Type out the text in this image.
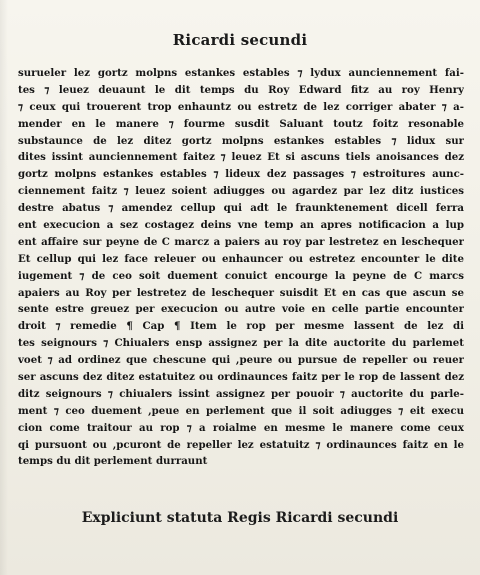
Ricardi secundi
surueler lez gortz molpns estankes estables ⁊ lydux aunciennement fai-
tes ⁊ leuez deuaunt le dit temps du Roy Edward fitz au roy Henry
⁊ ceux qui trouerent trop enhauntz ou estretz de lez corriger abater ⁊ a-
mender en le manere ⁊ fourme susdit Saluant toutz foitz resonable
substaunce de lez ditez gortz molpns estankes estables ⁊ lidux sur
dites issint aunciennement faitez ⁊ leuez Et si ascuns tiels anoisances dez
gortz molpns estankes estables ⁊ lideux dez passages ⁊ estroitures aunc-
ciennement faitz ⁊ leuez soient adiugges ou agardez par lez ditz iustices
destre abatus ⁊ amendez cellup qui adt le fraunktenement dicell ferra
ent execucion a sez costagez deins vne temp an apres notificacion a lup
ent affaire sur peyne de C marcz a paiers au roy par lestretez en leschequer
Et cellup qui lez face releuer ou enhauncer ou estretez encounter le dite
iugement ⁊ de ceo soit duement conuict encourge la peyne de C marcs
apaiers au Roy per lestretez de leschequer suisdit Et en cas que ascun se
sente estre greuez per execucion ou autre voie en celle partie encounter
droit ⁊ remedie ¶ Cap ¶ Item le rop per mesme lassent de lez di
tes seignours ⁊ Chiualers ensp assignez per la dite auctorite du parlemet
voet ⁊ ad ordinez que chescune qui ,peure ou pursue de repeller ou reuer
ser ascuns dez ditez estatuitez ou ordinaunces faitz per le rop de lassent dez
ditz seignours ⁊ chiualers issint assignez per pouoir ⁊ auctorite du parle-
ment ⁊ ceo duement ,peue en perlement que il soit adiugges ⁊ eit execu
cion come traitour au rop ⁊ a roialme en mesme le manere come ceux
qi pursuont ou ,pcuront de repeller lez estatuitz ⁊ ordinaunces faitz en le
temps du dit perlement durraunt
Expliciunt statuta Regis Ricardi secundi
